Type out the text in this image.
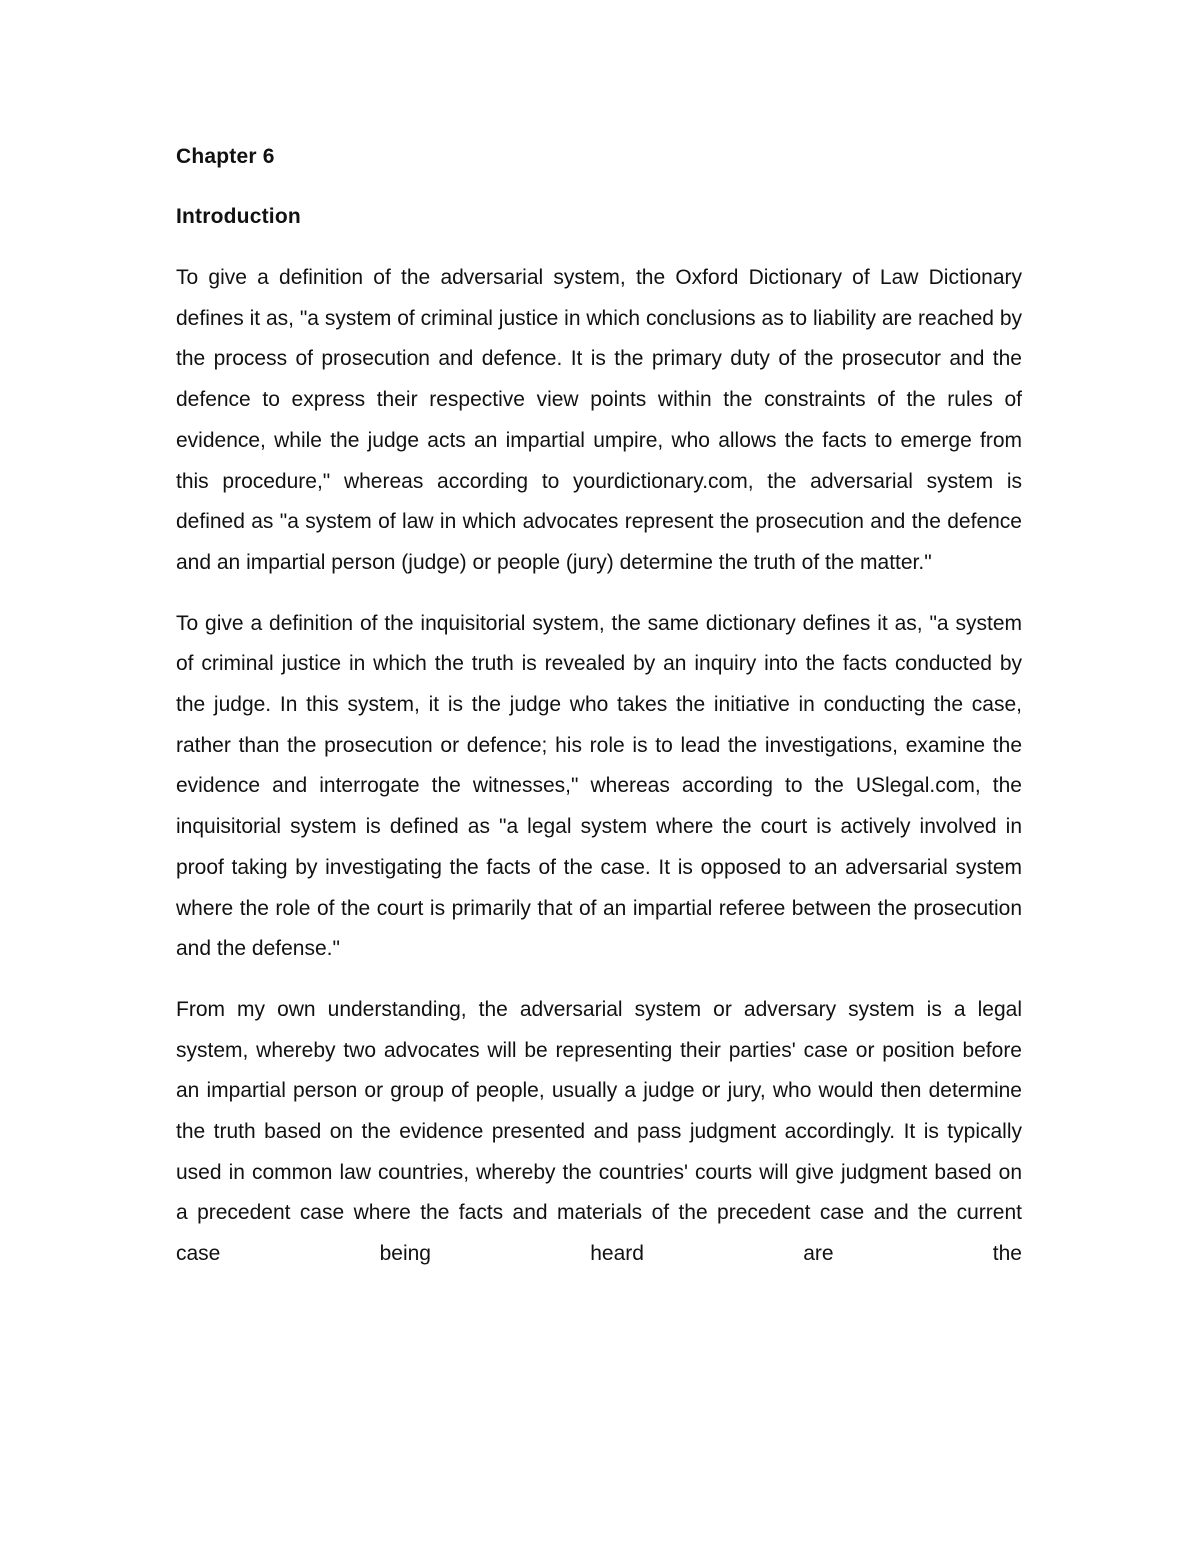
Chapter 6
Introduction

To give a definition of the adversarial system, the Oxford Dictionary of Law Dictionary defines it as, "a system of criminal justice in which conclusions as to liability are reached by the process of prosecution and defence. It is the primary duty of the prosecutor and the defence to express their respective view points within the constraints of the rules of evidence, while the judge acts an impartial umpire, who allows the facts to emerge from this procedure," whereas according to yourdictionary.com, the adversarial system is defined as "a system of law in which advocates represent the prosecution and the defence and an impartial person (judge) or people (jury) determine the truth of the matter."

To give a definition of the inquisitorial system, the same dictionary defines it as, "a system of criminal justice in which the truth is revealed by an inquiry into the facts conducted by the judge. In this system, it is the judge who takes the initiative in conducting the case, rather than the prosecution or defence; his role is to lead the investigations, examine the evidence and interrogate the witnesses," whereas according to the USlegal.com, the inquisitorial system is defined as "a legal system where the court is actively involved in proof taking by investigating the facts of the case. It is opposed to an adversarial system where the role of the court is primarily that of an impartial referee between the prosecution and the defense."

From my own understanding, the adversarial system or adversary system is a legal system, whereby two advocates will be representing their parties' case or position before an impartial person or group of people, usually a judge or jury, who would then determine the truth based on the evidence presented and pass judgment accordingly. It is typically used in common law countries, whereby the countries' courts will give judgment based on a precedent case where the facts and materials of the precedent case and the current case being heard are the
